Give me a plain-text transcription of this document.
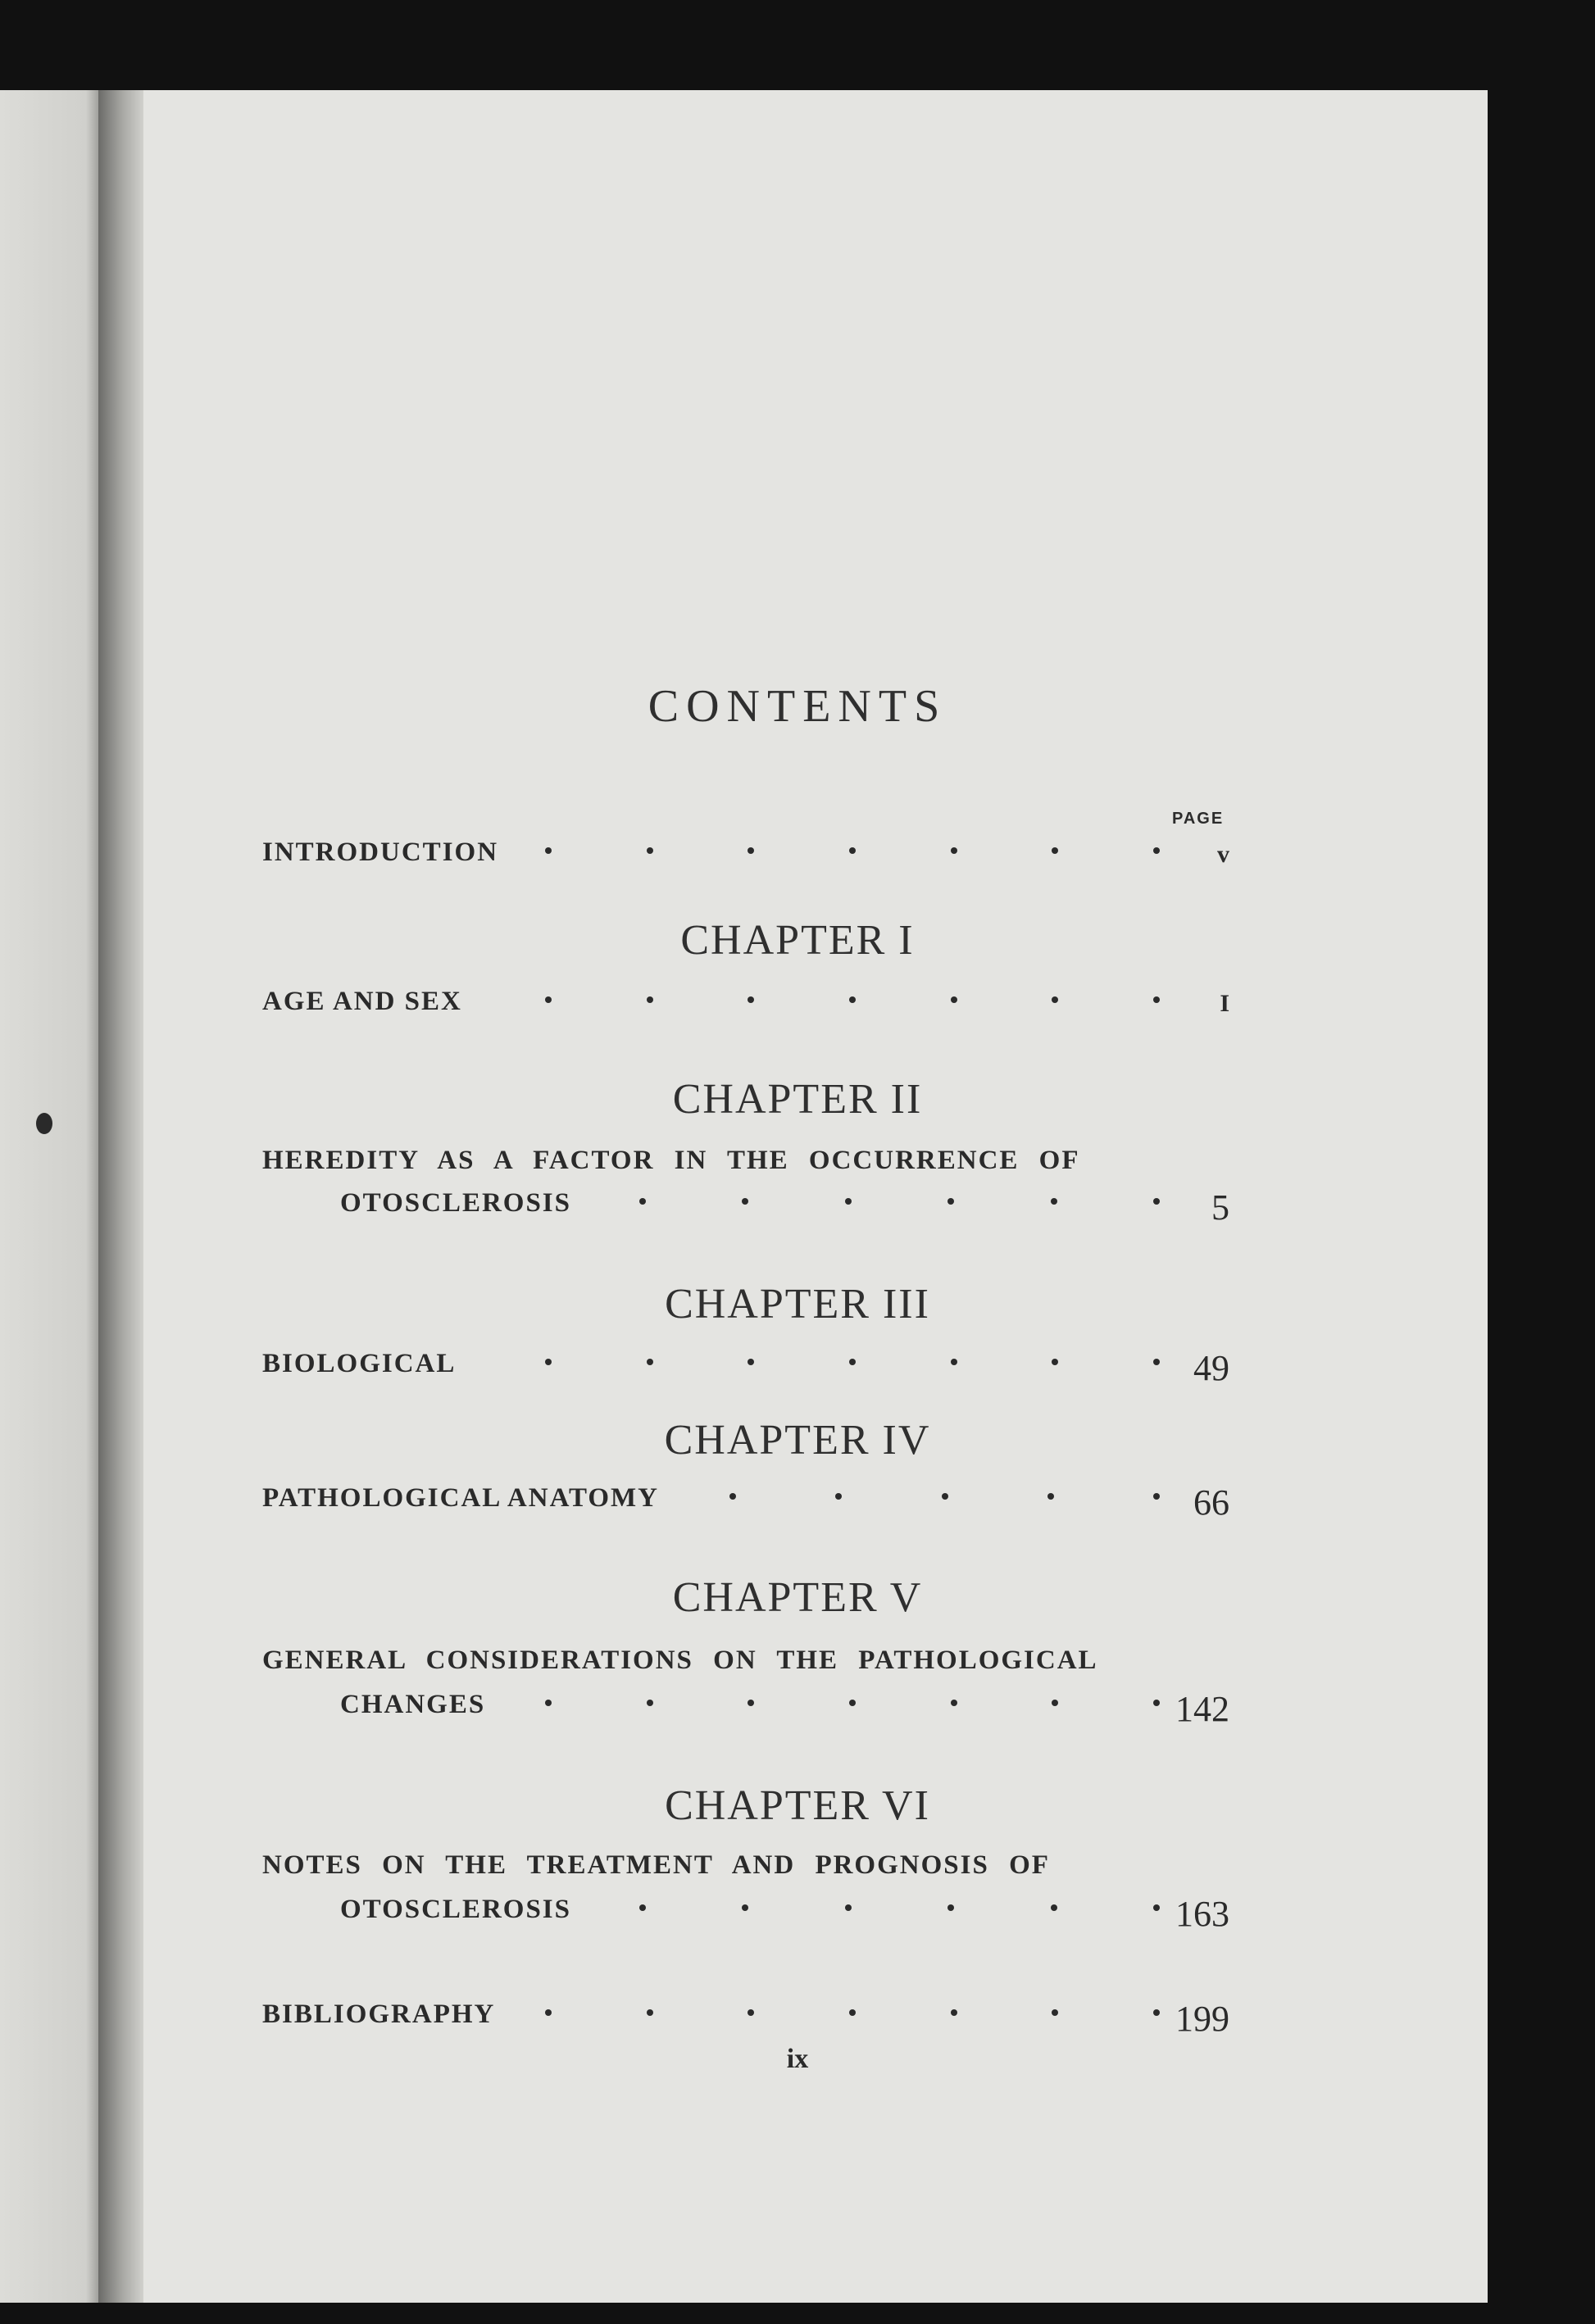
CONTENTS
PAGE
INTRODUCTION	v
CHAPTER I
AGE AND SEX	I
CHAPTER II
HEREDITY AS A FACTOR IN THE OCCURRENCE OF
OTOSCLEROSIS	5
CHAPTER III
BIOLOGICAL	49
CHAPTER IV
PATHOLOGICAL ANATOMY	66
CHAPTER V
GENERAL CONSIDERATIONS ON THE PATHOLOGICAL
CHANGES	142
CHAPTER VI
NOTES ON THE TREATMENT AND PROGNOSIS OF
OTOSCLEROSIS	163
BIBLIOGRAPHY	199
ix
